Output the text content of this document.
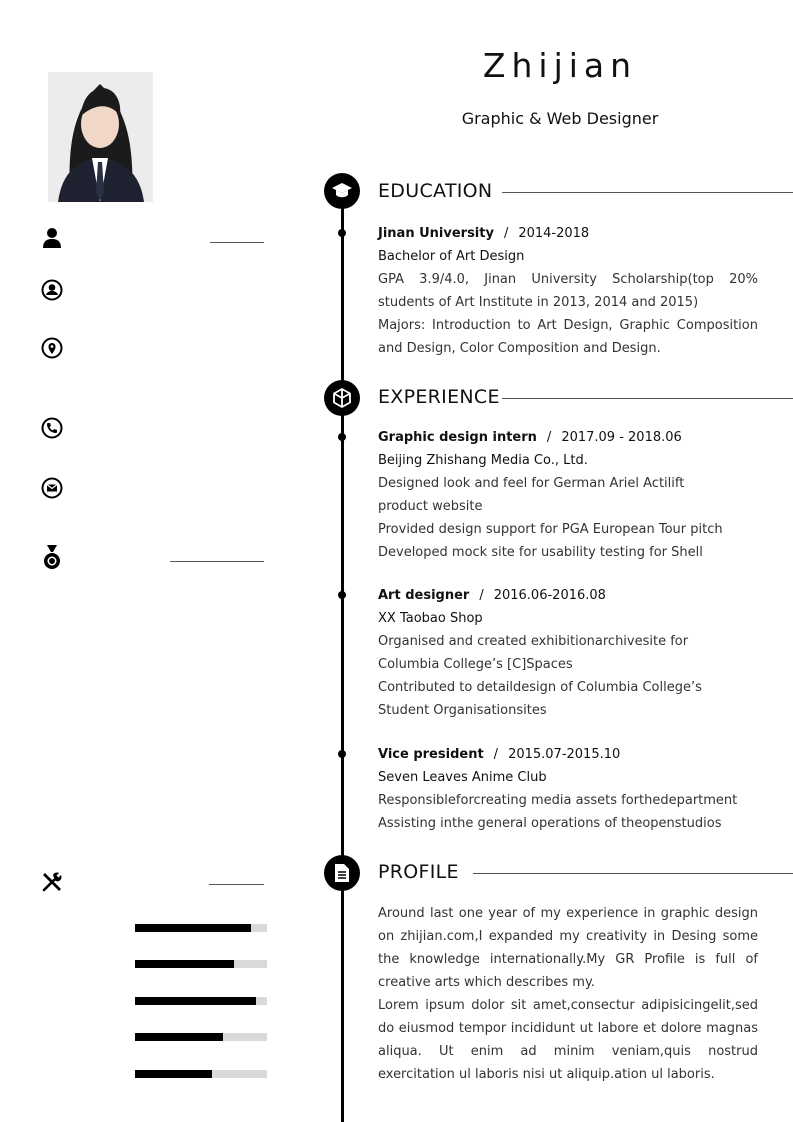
Zhijian
Graphic & Web Designer
EDUCATION
Jinan University / 2014-2018
Bachelor of Art Design
GPA 3.9/4.0, Jinan University Scholarship(top 20% students of Art Institute in 2013, 2014 and 2015)
Majors: Introduction to Art Design, Graphic Composition and Design, Color Composition and Design.
EXPERIENCE
Graphic design intern / 2017.09 - 2018.06
Beijing Zhishang Media Co., Ltd.
Designed look and feel for German Ariel Actilift product website
Provided design support for PGA European Tour pitch
Developed mock site for usability testing for Shell
Art designer / 2016.06-2016.08
XX Taobao Shop
Organised and created exhibitionarchivesite for Columbia College’s [C]Spaces
Contributed to detaildesign of Columbia College’s Student Organisationsites
Vice president / 2015.07-2015.10
Seven Leaves Anime Club
Responsibleforcreating media assets forthedepartment
Assisting inthe general operations of theopenstudios
PROFILE
Around last one year of my experience in graphic design on zhijian.com,I expanded my creativity in Desing some the knowledge internationally.My GR Profile is full of creative arts which describes my.
Lorem ipsum dolor sit amet,consectur adipisicingelit,sed do eiusmod tempor incididunt ut labore et dolore magnas aliqua. Ut enim ad minim veniam,quis nostrud exercitation ul laboris nisi ut aliquip.ation ul laboris.
